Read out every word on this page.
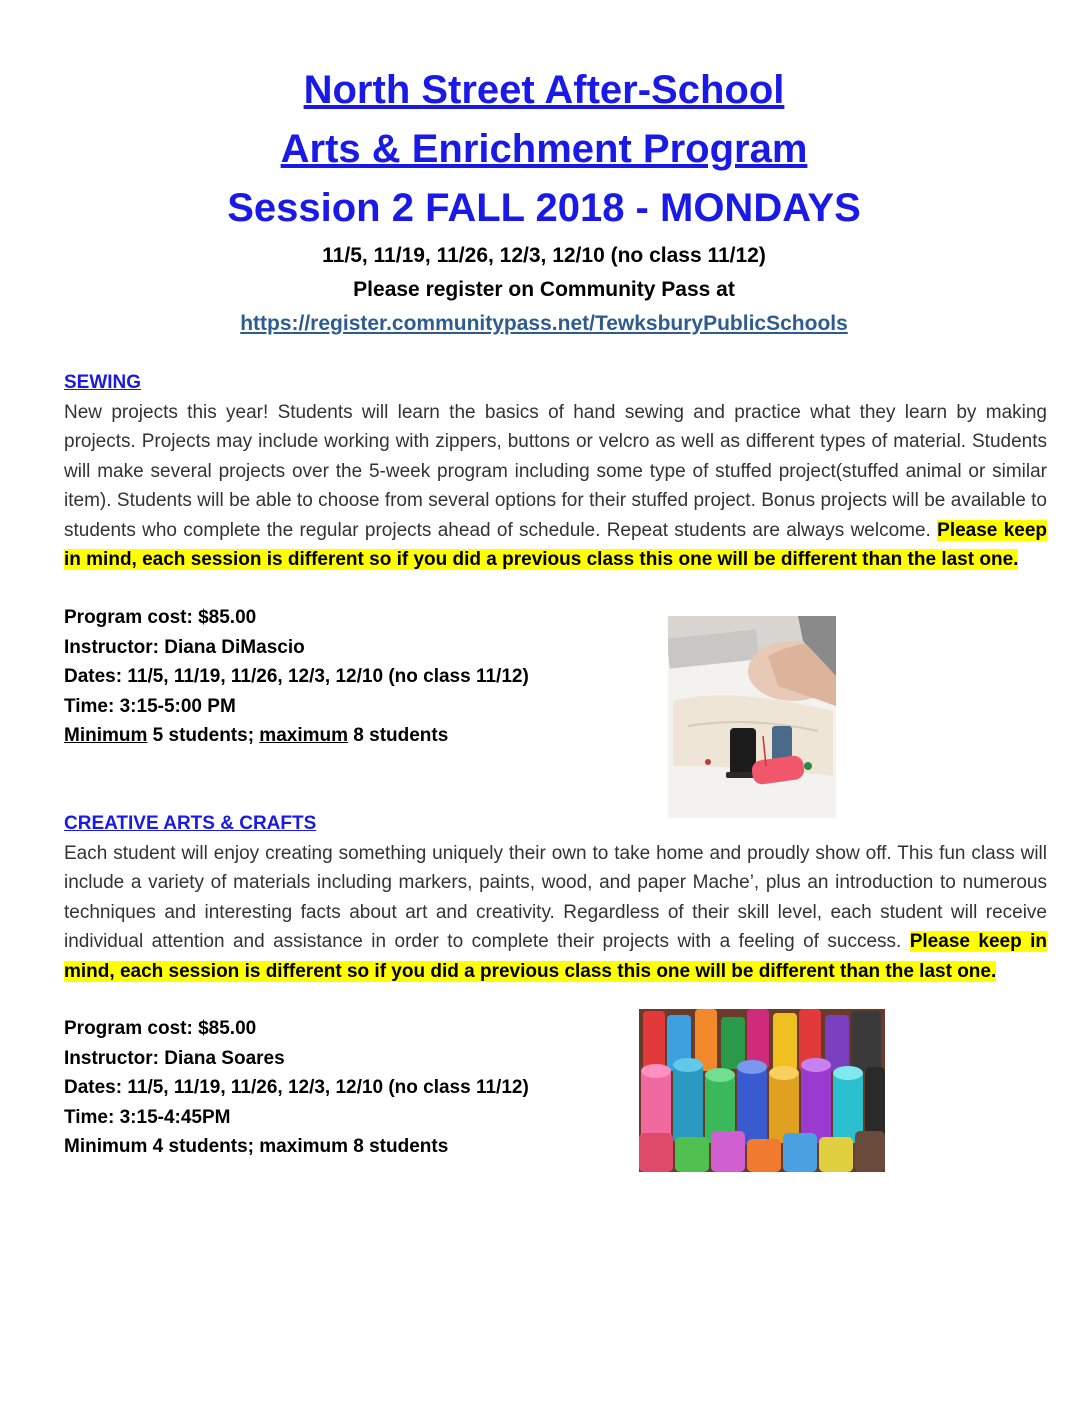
North Street After-School
Arts & Enrichment Program
Session 2 FALL 2018 - MONDAYS
11/5, 11/19, 11/26, 12/3, 12/10 (no class 11/12)
Please register on Community Pass at
https://register.communitypass.net/TewksburyPublicSchools
SEWING
New projects this year! Students will learn the basics of hand sewing and practice what they learn by making projects. Projects may include working with zippers, buttons or velcro as well as different types of material. Students will make several projects over the 5-week program including some type of stuffed project(stuffed animal or similar item). Students will be able to choose from several options for their stuffed project. Bonus projects will be available to students who complete the regular projects ahead of schedule. Repeat students are always welcome. Please keep in mind, each session is different so if you did a previous class this one will be different than the last one.
Program cost: $85.00
Instructor: Diana DiMascio
Dates: 11/5, 11/19, 11/26, 12/3, 12/10 (no class 11/12)
Time: 3:15-5:00 PM
Minimum 5 students; maximum 8 students
CREATIVE ARTS & CRAFTS
Each student will enjoy creating something uniquely their own to take home and proudly show off. This fun class will include a variety of materials including markers, paints, wood, and paper Mache’, plus an introduction to numerous techniques and interesting facts about art and creativity. Regardless of their skill level, each student will receive individual attention and assistance in order to complete their projects with a feeling of success. Please keep in mind, each session is different so if you did a previous class this one will be different than the last one.
Program cost: $85.00
Instructor: Diana Soares
Dates: 11/5, 11/19, 11/26, 12/3, 12/10 (no class 11/12)
Time: 3:15-4:45PM
Minimum 4 students; maximum 8 students
